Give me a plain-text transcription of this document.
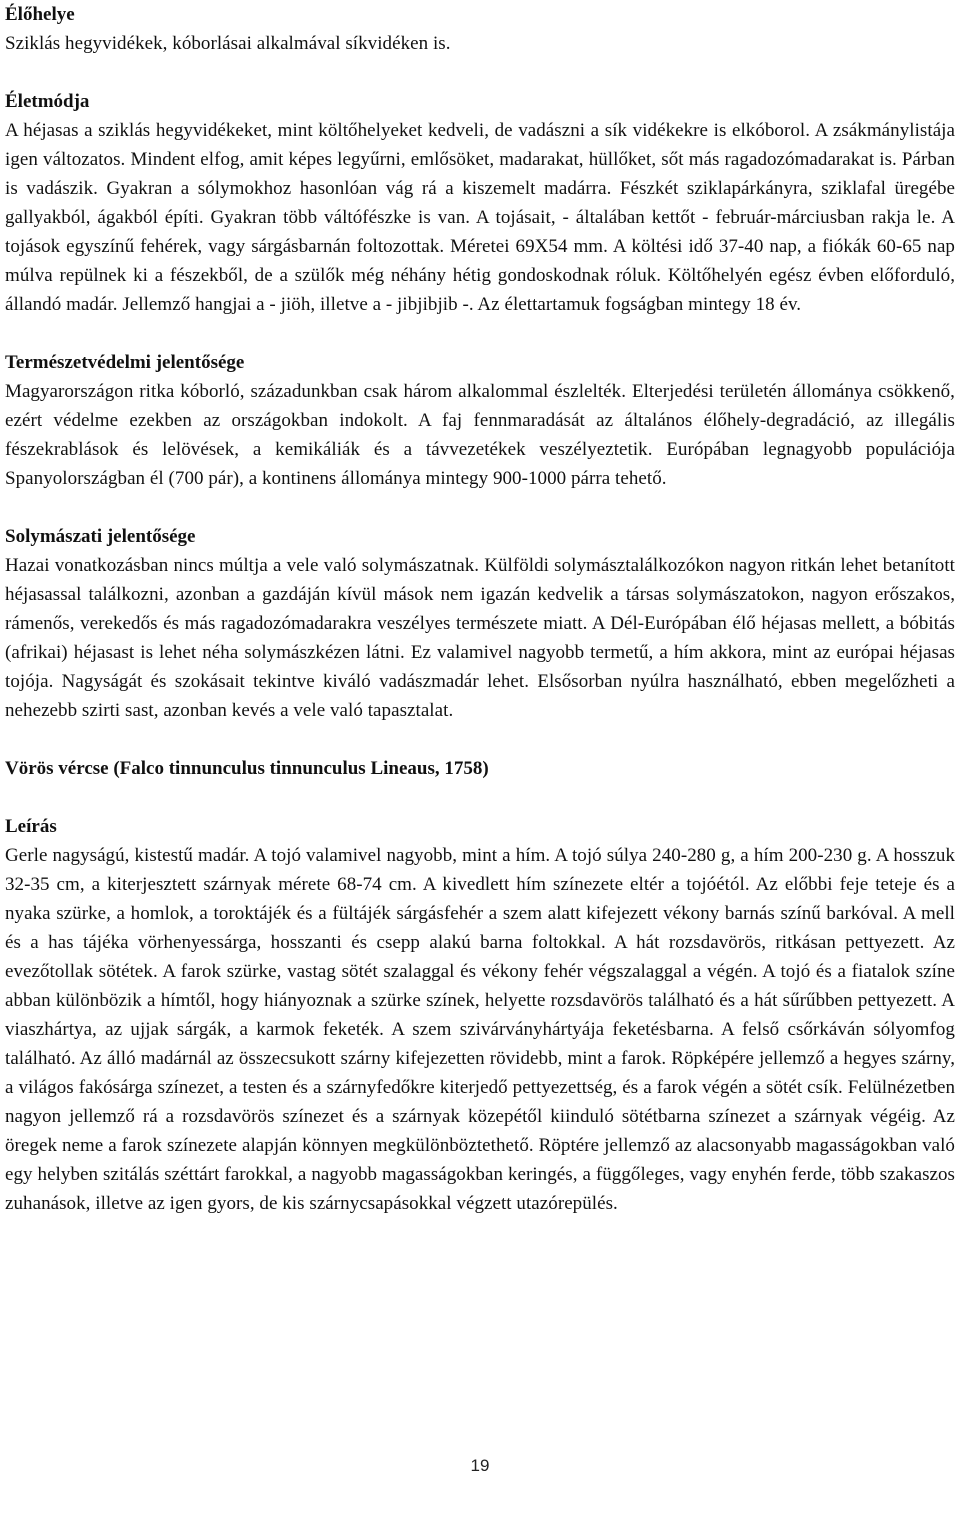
Élőhelye

Sziklás hegyvidékek, kóborlásai alkalmával síkvidéken is.

Életmódja

A héjasas a sziklás hegyvidékeket, mint költőhelyeket kedveli, de vadászni a sík vidékekre is elkóborol. A zsákmánylistája igen változatos. Mindent elfog, amit képes legyűrni, emlősöket, madarakat, hüllőket, sőt más ragadozómadarakat is. Párban is vadászik. Gyakran a sólymokhoz hasonlóan vág rá a kiszemelt madárra. Fészkét sziklapárkányra, sziklafal üregébe gallyakból, ágakból építi. Gyakran több váltófészke is van. A tojásait, - általában kettőt - február-márciusban rakja le. A tojások egyszínű fehérek, vagy sárgásbarnán foltozottak. Méretei 69X54 mm. A költési idő 37-40 nap, a fiókák 60-65 nap múlva repülnek ki a fészekből, de a szülők még néhány hétig gondoskodnak róluk. Költőhelyén egész évben előforduló, állandó madár. Jellemző hangjai a - jiöh, illetve a - jibjibjib -. Az élettartamuk fogságban mintegy 18 év.

Természetvédelmi jelentősége

Magyarországon ritka kóborló, századunkban csak három alkalommal észlelték. Elterjedési területén állománya csökkenő, ezért védelme ezekben az országokban indokolt. A faj fennmaradását az általános élőhely-degradáció, az illegális fészekrablások és lelövések, a kemikáliák és a távvezetékek veszélyeztetik. Európában legnagyobb populációja Spanyolországban él (700 pár), a kontinens állománya mintegy 900-1000 párra tehető.

Solymászati jelentősége

Hazai vonatkozásban nincs múltja a vele való solymászatnak. Külföldi solymásztalálkozókon nagyon ritkán lehet betanított héjasassal találkozni, azonban a gazdáján kívül mások nem igazán kedvelik a társas solymászatokon, nagyon erőszakos, rámenős, verekedős és más ragadozómadarakra veszélyes természete miatt. A Dél-Európában élő héjasas mellett, a bóbitás (afrikai) héjasast is lehet néha solymászkézen látni. Ez valamivel nagyobb termetű, a hím akkora, mint az európai héjasas tojója. Nagyságát és szokásait tekintve kiváló vadászmadár lehet. Elsősorban nyúlra használható, ebben megelőzheti a nehezebb szirti sast, azonban kevés a vele való tapasztalat.

Vörös vércse (Falco tinnunculus tinnunculus Lineaus, 1758)

Leírás

Gerle nagyságú, kistestű madár. A tojó valamivel nagyobb, mint a hím. A tojó súlya 240-280 g, a hím 200-230 g. A hosszuk 32-35 cm, a kiterjesztett szárnyak mérete 68-74 cm. A kivedlett hím színezete eltér a tojóétól. Az előbbi feje teteje és a nyaka szürke, a homlok, a toroktájék és a fültájék sárgásfehér a szem alatt kifejezett vékony barnás színű barkóval. A mell és a has tájéka vörhenyessárga, hosszanti és csepp alakú barna foltokkal. A hát rozsdavörös, ritkásan pettyezett. Az evezőtollak sötétek. A farok szürke, vastag sötét szalaggal és vékony fehér végszalaggal a végén. A tojó és a fiatalok színe abban különbözik a hímtől, hogy hiányoznak a szürke színek, helyette rozsdavörös található és a hát sűrűbben pettyezett. A viaszhártya, az ujjak sárgák, a karmok feketék. A szem szivárványhártyája feketésbarna. A felső csőrkáván sólyomfog található. Az álló madárnál az összecsukott szárny kifejezetten rövidebb, mint a farok. Röpképére jellemző a hegyes szárny, a világos fakósárga színezet, a testen és a szárnyfedőkre kiterjedő pettyezettség, és a farok végén a sötét csík. Felülnézetben nagyon jellemző rá a rozsdavörös színezet és a szárnyak közepétől kiinduló sötétbarna színezet a szárnyak végéig. Az öregek neme a farok színezete alapján könnyen megkülönböztethető. Röptére jellemző az alacsonyabb magasságokban való egy helyben szitálás széttárt farokkal, a nagyobb magasságokban keringés, a függőleges, vagy enyhén ferde, több szakaszos zuhanások, illetve az igen gyors, de kis szárnycsapásokkal végzett utazórepülés.

19
